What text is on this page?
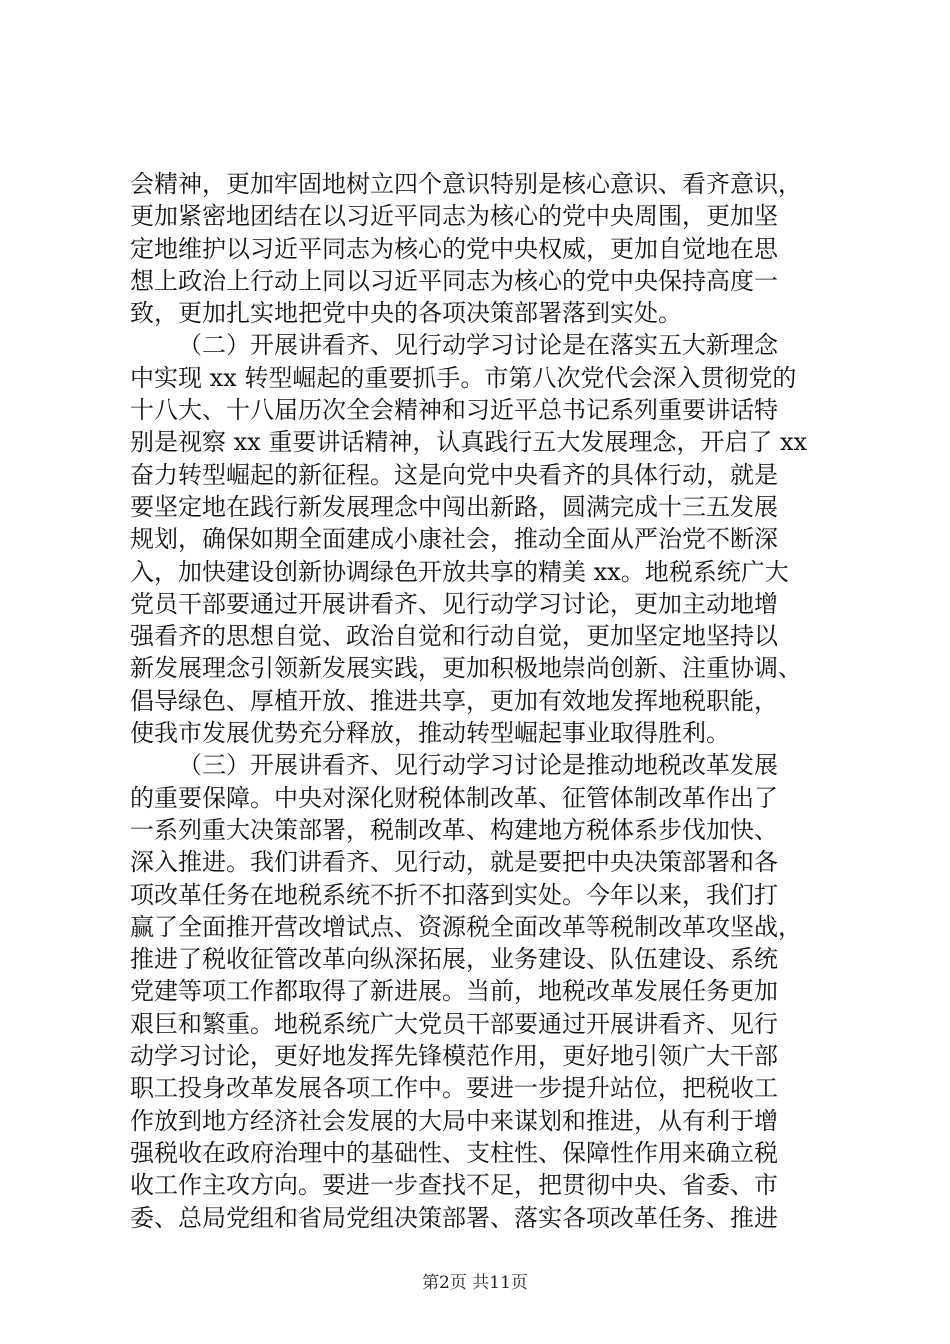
会精神，更加牢固地树立四个意识特别是核心意识、看齐意识，
更加紧密地团结在以习近平同志为核心的党中央周围，更加坚
定地维护以习近平同志为核心的党中央权威，更加自觉地在思
想上政治上行动上同以习近平同志为核心的党中央保持高度一
致，更加扎实地把党中央的各项决策部署落到实处。
（二）开展讲看齐、见行动学习讨论是在落实五大新理念
中实现 xx 转型崛起的重要抓手。市第八次党代会深入贯彻党的
十八大、十八届历次全会精神和习近平总书记系列重要讲话特
别是视察 xx 重要讲话精神，认真践行五大发展理念，开启了 xx
奋力转型崛起的新征程。这是向党中央看齐的具体行动，就是
要坚定地在践行新发展理念中闯出新路，圆满完成十三五发展
规划，确保如期全面建成小康社会，推动全面从严治党不断深
入，加快建设创新协调绿色开放共享的精美 xx。地税系统广大
党员干部要通过开展讲看齐、见行动学习讨论，更加主动地增
强看齐的思想自觉、政治自觉和行动自觉，更加坚定地坚持以
新发展理念引领新发展实践，更加积极地崇尚创新、注重协调、
倡导绿色、厚植开放、推进共享，更加有效地发挥地税职能，
使我市发展优势充分释放，推动转型崛起事业取得胜利。
（三）开展讲看齐、见行动学习讨论是推动地税改革发展
的重要保障。中央对深化财税体制改革、征管体制改革作出了
一系列重大决策部署，税制改革、构建地方税体系步伐加快、
深入推进。我们讲看齐、见行动，就是要把中央决策部署和各
项改革任务在地税系统不折不扣落到实处。今年以来，我们打
赢了全面推开营改增试点、资源税全面改革等税制改革攻坚战，
推进了税收征管改革向纵深拓展，业务建设、队伍建设、系统
党建等项工作都取得了新进展。当前，地税改革发展任务更加
艰巨和繁重。地税系统广大党员干部要通过开展讲看齐、见行
动学习讨论，更好地发挥先锋模范作用，更好地引领广大干部
职工投身改革发展各项工作中。要进一步提升站位，把税收工
作放到地方经济社会发展的大局中来谋划和推进，从有利于增
强税收在政府治理中的基础性、支柱性、保障性作用来确立税
收工作主攻方向。要进一步查找不足，把贯彻中央、省委、市
委、总局党组和省局党组决策部署、落实各项改革任务、推进
第2页 共11页
